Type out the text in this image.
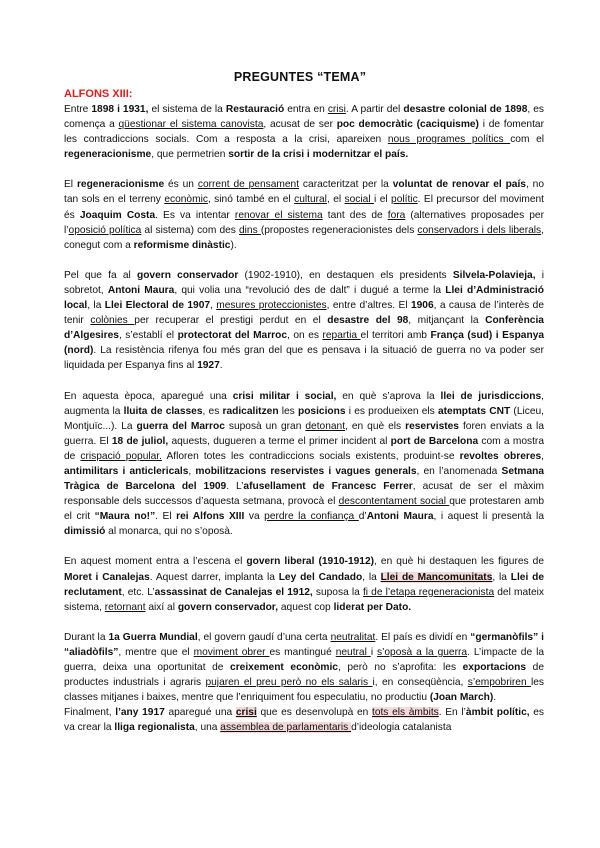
PREGUNTES “TEMA”
ALFONS XIII:

Entre 1898 i 1931, el sistema de la Restauració entra en crisi. A partir del desastre colonial de 1898, es comença a qüestionar el sistema canovista, acusat de ser poc democràtic (caciquisme) i de fomentar les contradiccions socials. Com a resposta a la crisi, apareixen nous programes polítics com el regeneracionisme, que permetrien sortir de la crisi i modernitzar el país.

El regeneracionisme és un corrent de pensament caracteritzat per la voluntat de renovar el país, no tan sols en el terreny econòmic, sinó també en el cultural, el social i el polític. El precursor del moviment és Joaquim Costa. Es va intentar renovar el sistema tant des de fora (alternatives proposades per l’oposició política al sistema) com des dins (propostes regeneracionistes dels conservadors i dels liberals, conegut com a reformisme dinàstic).

Pel que fa al govern conservador (1902-1910), en destaquen els presidents Silvela-Polavieja, i sobretot, Antoni Maura, qui volia una “revolució des de dalt” i dugué a terme la Llei d’Administració local, la Llei Electoral de 1907, mesures proteccionistes, entre d’altres. El 1906, a causa de l’interès de tenir colònies per recuperar el prestigi perdut en el desastre del 98, mitjançant la Conferència d’Algesires, s’establí el protectorat del Marroc, on es repartia el territori amb França (sud) i Espanya (nord). La resistència rifenya fou més gran del que es pensava i la situació de guerra no va poder ser liquidada per Espanya fins al 1927.

En aquesta època, aparegué una crisi militar i social, en què s’aprova la llei de jurisdiccions, augmenta la lluita de classes, es radicalitzen les posicions i es produeixen els atemptats CNT (Liceu, Montjuïc...). La guerra del Marroc suposà un gran detonant, en què els reservistes foren enviats a la guerra. El 18 de juliol, aquests, dugueren a terme el primer incident al port de Barcelona com a mostra de crispació popular. Afloren totes les contradiccions socials existents, produint-se revoltes obreres, antimilitars i anticlericals, mobilitzacions reservistes i vagues generals, en l’anomenada Setmana Tràgica de Barcelona del 1909. L’afusellament de Francesc Ferrer, acusat de ser el màxim responsable dels successos d’aquesta setmana, provocà el descontentament social que protestaren amb el crit “Maura no!”. El rei Alfons XIII va perdre la confiança d’Antoni Maura, i aquest li presentà la dimissió al monarca, qui no s’oposà.

En aquest moment entra a l’escena el govern liberal (1910-1912), en què hi destaquen les figures de Moret i Canalejas. Aquest darrer, implanta la Ley del Candado, la Llei de Mancomunitats, la Llei de reclutament, etc. L’assassinat de Canalejas el 1912, suposa la fi de l’etapa regeneracionista del mateix sistema, retornant així al govern conservador, aquest cop liderat per Dato.

Durant la 1a Guerra Mundial, el govern gaudí d’una certa neutralitat. El país es dividí en “germanòfils” i “aliadòfils”, mentre que el moviment obrer es mantingué neutral i s’oposà a la guerra. L’impacte de la guerra, deixa una oportunitat de creixement econòmic, però no s’aprofita: les exportacions de productes industrials i agraris pujaren el preu però no els salaris i, en conseqüència, s’empobriren les classes mitjanes i baixes, mentre que l’enriquiment fou especulatiu, no productiu (Joan March).

Finalment, l’any 1917 aparegué una crisi que es desenvolupà en tots els àmbits. En l’àmbit polític, es va crear la lliga regionalista, una assemblea de parlamentaris d’ideologia catalanista
